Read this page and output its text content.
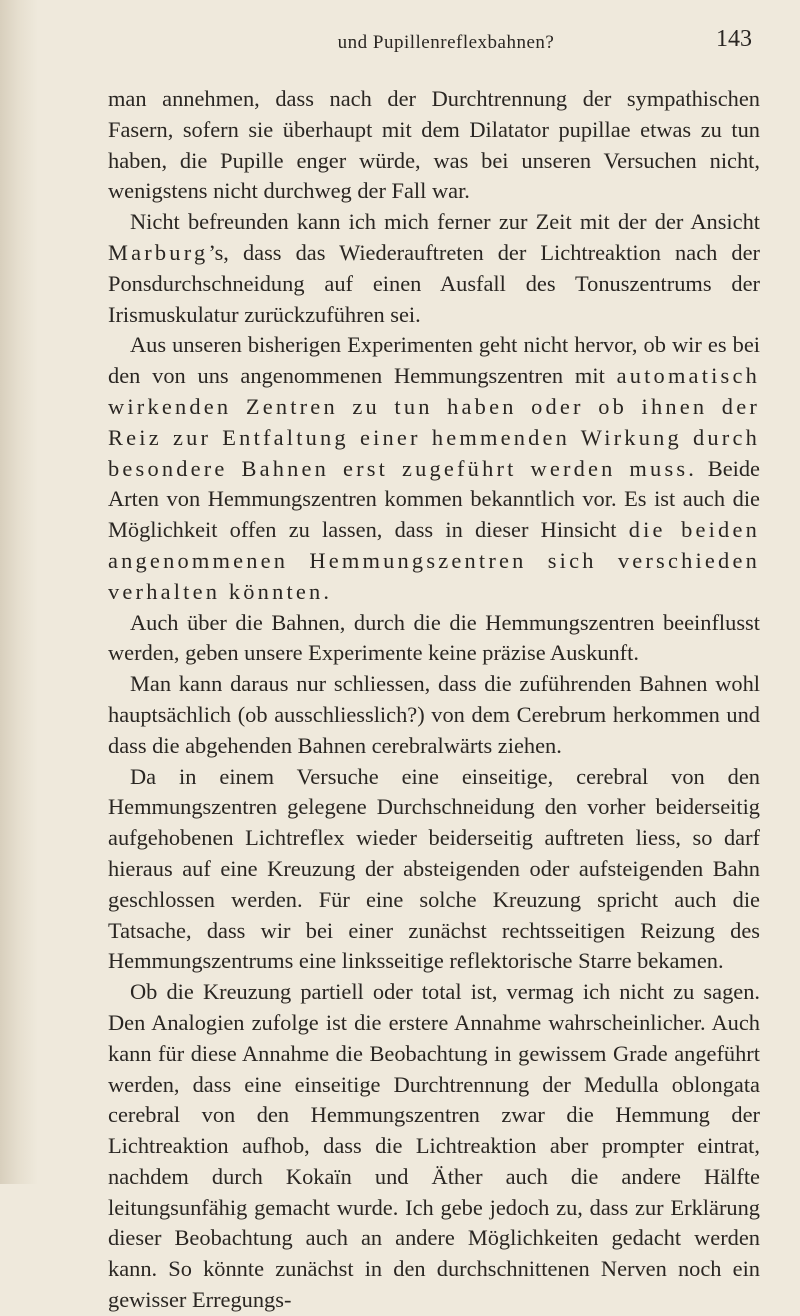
und Pupillenreflexbahnen?	143

man annehmen, dass nach der Durchtrennung der sympathischen Fasern, sofern sie überhaupt mit dem Dilatator pupillae etwas zu tun haben, die Pupille enger würde, was bei unseren Versuchen nicht, wenigstens nicht durchweg der Fall war.

Nicht befreunden kann ich mich ferner zur Zeit mit der der Ansicht Marburg’s, dass das Wiederauftreten der Lichtreaktion nach der Ponsdurchschneidung auf einen Ausfall des Tonuszentrums der Irismuskulatur zurückzuführen sei.

Aus unseren bisherigen Experimenten geht nicht hervor, ob wir es bei den von uns angenommenen Hemmungszentren mit automatisch wirkenden Zentren zu tun haben oder ob ihnen der Reiz zur Entfaltung einer hemmenden Wirkung durch besondere Bahnen erst zugeführt werden muss. Beide Arten von Hemmungszentren kommen bekanntlich vor. Es ist auch die Möglichkeit offen zu lassen, dass in dieser Hinsicht die beiden angenommenen Hemmungszentren sich verschieden verhalten könnten.

Auch über die Bahnen, durch die die Hemmungszentren beeinflusst werden, geben unsere Experimente keine präzise Auskunft.

Man kann daraus nur schliessen, dass die zuführenden Bahnen wohl hauptsächlich (ob ausschliesslich?) von dem Cerebrum herkommen und dass die abgehenden Bahnen cerebralwärts ziehen.

Da in einem Versuche eine einseitige, cerebral von den Hemmungszentren gelegene Durchschneidung den vorher beiderseitig aufgehobenen Lichtreflex wieder beiderseitig auftreten liess, so darf hieraus auf eine Kreuzung der absteigenden oder aufsteigenden Bahn geschlossen werden. Für eine solche Kreuzung spricht auch die Tatsache, dass wir bei einer zunächst rechtsseitigen Reizung des Hemmungszentrums eine linksseitige reflektorische Starre bekamen.

Ob die Kreuzung partiell oder total ist, vermag ich nicht zu sagen. Den Analogien zufolge ist die erstere Annahme wahrscheinlicher. Auch kann für diese Annahme die Beobachtung in gewissem Grade angeführt werden, dass eine einseitige Durchtrennung der Medulla oblongata cerebral von den Hemmungszentren zwar die Hemmung der Lichtreaktion aufhob, dass die Lichtreaktion aber prompter eintrat, nachdem durch Kokaïn und Äther auch die andere Hälfte leitungsunfähig gemacht wurde. Ich gebe jedoch zu, dass zur Erklärung dieser Beobachtung auch an andere Möglichkeiten gedacht werden kann. So könnte zunächst in den durchschnittenen Nerven noch ein gewisser Erregungs-
